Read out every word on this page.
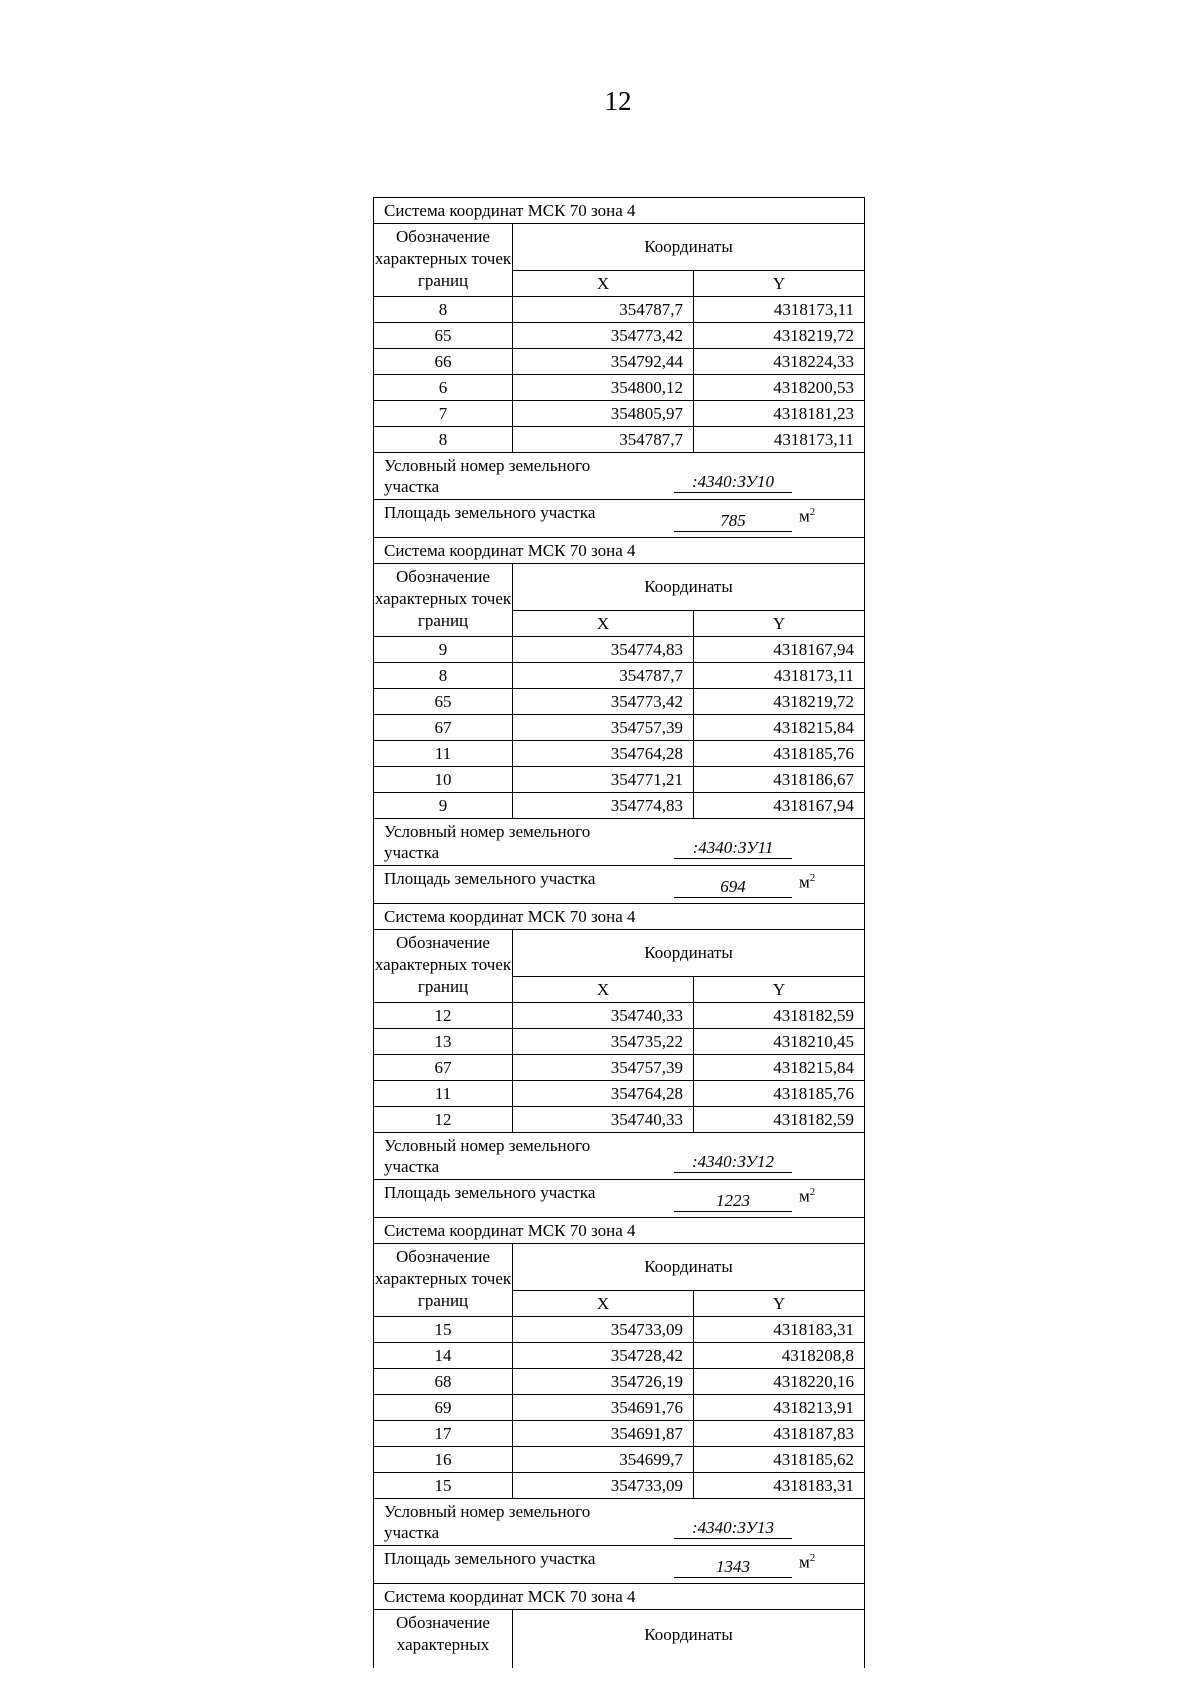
12
Система координат МСК 70 зона 4
Обозначение характерных точек границ
Координаты
X	Y
8	354787,7	4318173,11
65	354773,42	4318219,72
66	354792,44	4318224,33
6	354800,12	4318200,53
7	354805,97	4318181,23
8	354787,7	4318173,11
Условный номер земельного участка	:4340:ЗУ10
Площадь земельного участка	785	$м^2$
Система координат МСК 70 зона 4
Обозначение характерных точек границ
Координаты
X	Y
9	354774,83	4318167,94
8	354787,7	4318173,11
65	354773,42	4318219,72
67	354757,39	4318215,84
11	354764,28	4318185,76
10	354771,21	4318186,67
9	354774,83	4318167,94
Условный номер земельного участка	:4340:ЗУ11
Площадь земельного участка	694	$м^2$
Система координат МСК 70 зона 4
Обозначение характерных точек границ
Координаты
X	Y
12	354740,33	4318182,59
13	354735,22	4318210,45
67	354757,39	4318215,84
11	354764,28	4318185,76
12	354740,33	4318182,59
Условный номер земельного участка	:4340:ЗУ12
Площадь земельного участка	1223	$м^2$
Система координат МСК 70 зона 4
Обозначение характерных точек границ
Координаты
X	Y
15	354733,09	4318183,31
14	354728,42	4318208,8
68	354726,19	4318220,16
69	354691,76	4318213,91
17	354691,87	4318187,83
16	354699,7	4318185,62
15	354733,09	4318183,31
Условный номер земельного участка	:4340:ЗУ13
Площадь земельного участка	1343	$м^2$
Система координат МСК 70 зона 4
Обозначение характерных
Координаты
